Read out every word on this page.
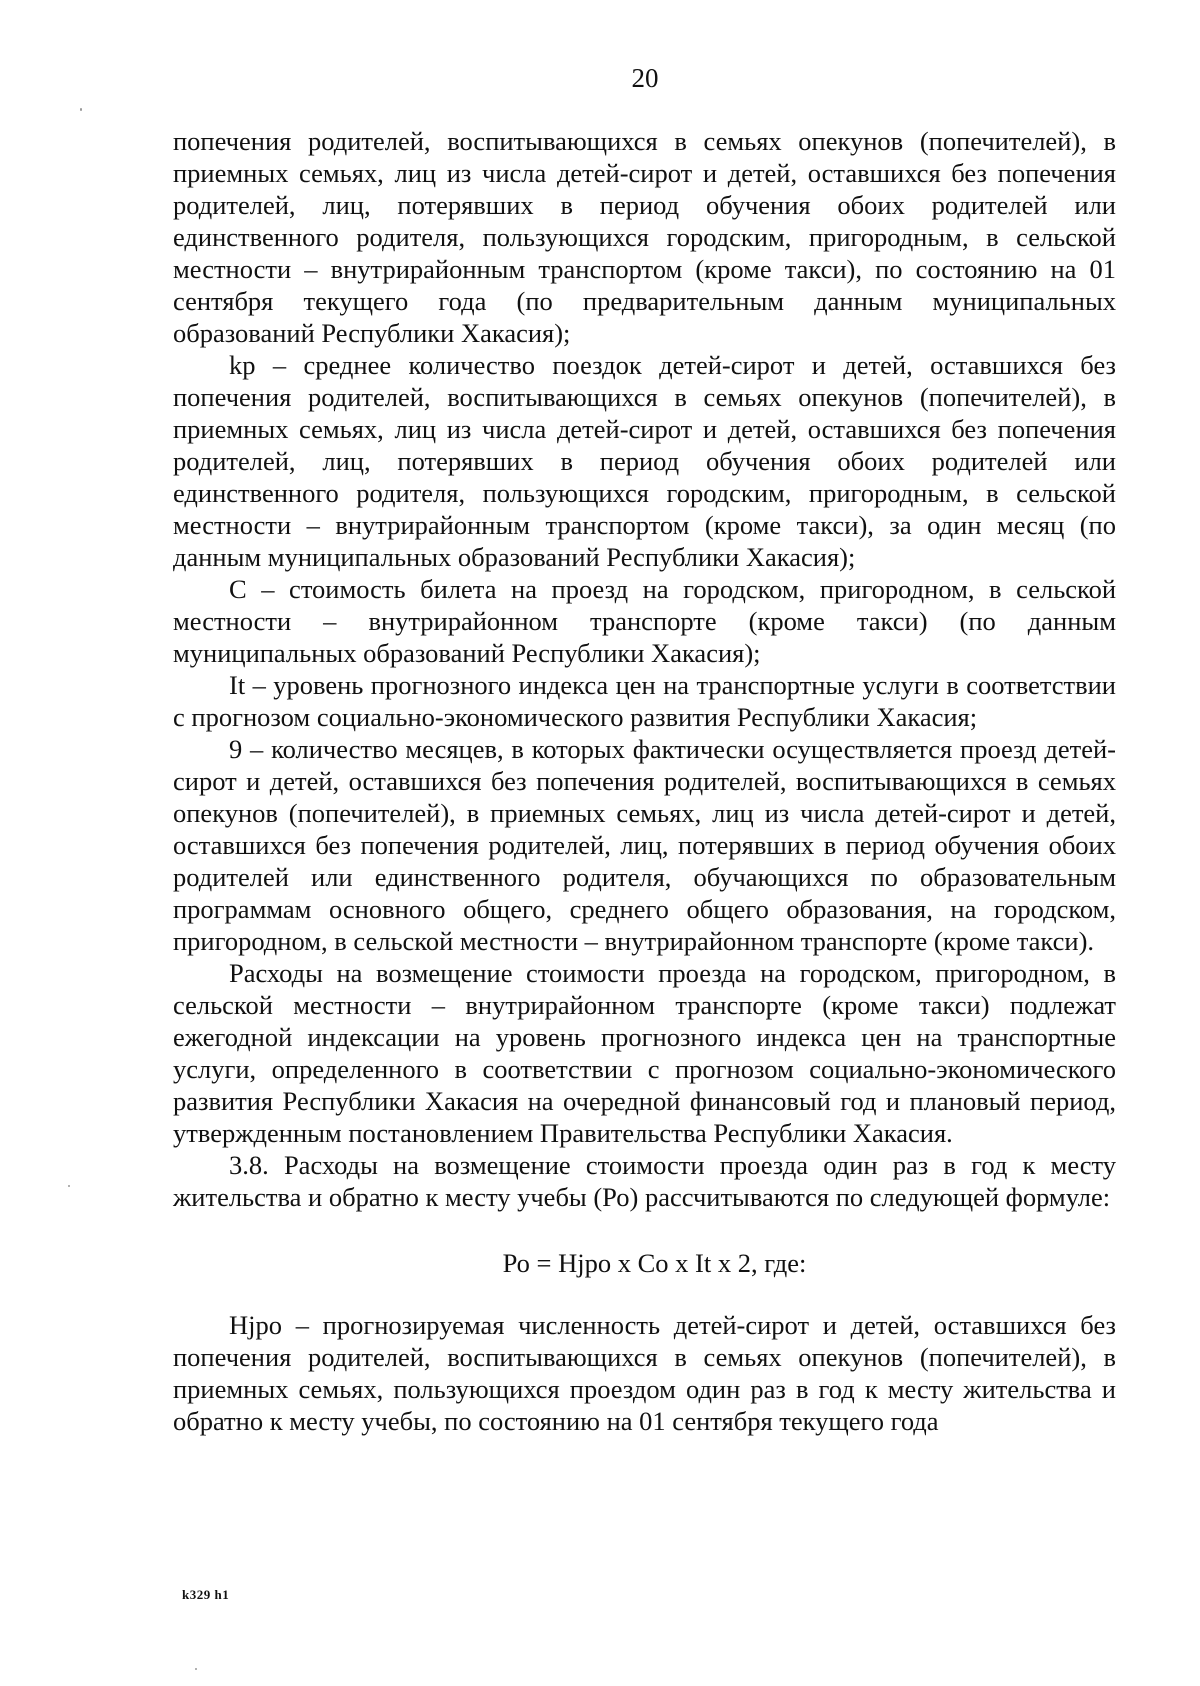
20

попечения родителей, воспитывающихся в семьях опекунов (попечителей), в приемных семьях, лиц из числа детей-сирот и детей, оставшихся без попечения родителей, лиц, потерявших в период обучения обоих родителей или единственного родителя, пользующихся городским, пригородным, в сельской местности – внутрирайонным транспортом (кроме такси), по состоянию на 01 сентября текущего года (по предварительным данным муниципальных образований Республики Хакасия);

kp – среднее количество поездок детей-сирот и детей, оставшихся без попечения родителей, воспитывающихся в семьях опекунов (попечителей), в приемных семьях, лиц из числа детей-сирот и детей, оставшихся без попечения родителей, лиц, потерявших в период обучения обоих родителей или единственного родителя, пользующихся городским, пригородным, в сельской местности – внутрирайонным транспортом (кроме такси), за один месяц (по данным муниципальных образований Республики Хакасия);

С – стоимость билета на проезд на городском, пригородном, в сельской местности – внутрирайонном транспорте (кроме такси) (по данным муниципальных образований Республики Хакасия);

It – уровень прогнозного индекса цен на транспортные услуги в соответствии с прогнозом социально-экономического развития Республики Хакасия;

9 – количество месяцев, в которых фактически осуществляется проезд детей-сирот и детей, оставшихся без попечения родителей, воспитывающихся в семьях опекунов (попечителей), в приемных семьях, лиц из числа детей-сирот и детей, оставшихся без попечения родителей, лиц, потерявших в период обучения обоих родителей или единственного родителя, обучающихся по образовательным программам основного общего, среднего общего образования, на городском, пригородном, в сельской местности – внутрирайонном транспорте (кроме такси).

Расходы на возмещение стоимости проезда на городском, пригородном, в сельской местности – внутрирайонном транспорте (кроме такси) подлежат ежегодной индексации на уровень прогнозного индекса цен на транспортные услуги, определенного в соответствии с прогнозом социально-экономического развития Республики Хакасия на очередной финансовый год и плановый период, утвержденным постановлением Правительства Республики Хакасия.

3.8. Расходы на возмещение стоимости проезда один раз в год к месту жительства и обратно к месту учебы (Ро) рассчитываются по следующей формуле:

Ро = Hjpo х Со х It х 2, где:

Hjpo – прогнозируемая численность детей-сирот и детей, оставшихся без попечения родителей, воспитывающихся в семьях опекунов (попечителей), в приемных семьях, пользующихся проездом один раз в год к месту жительства и обратно к месту учебы, по состоянию на 01 сентября текущего года

k329 h1
